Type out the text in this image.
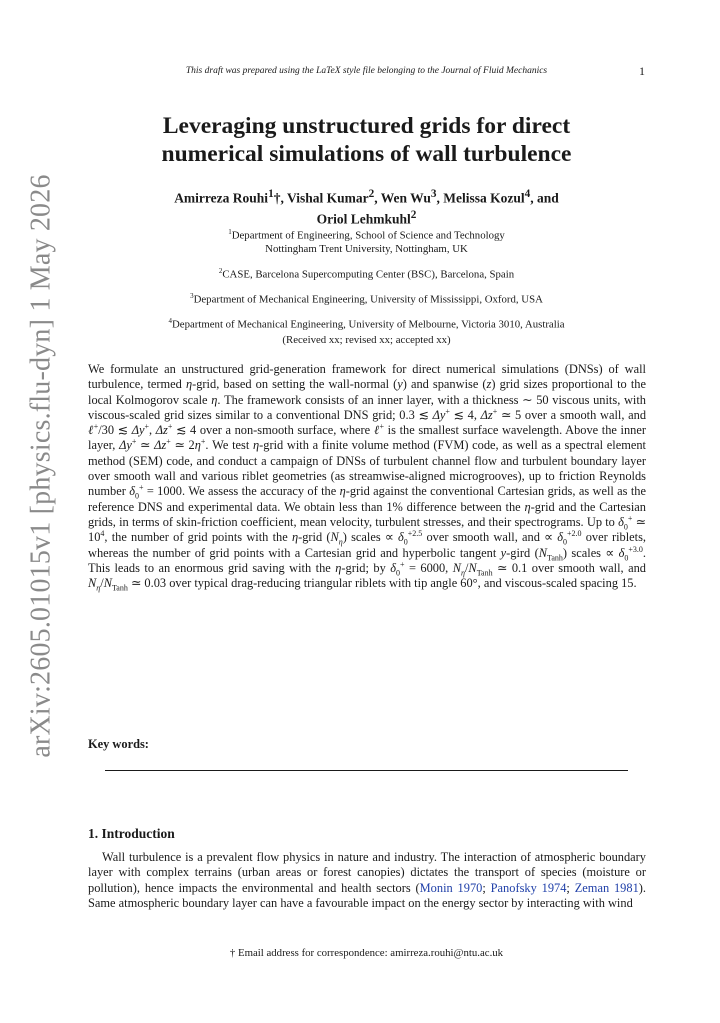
arXiv:2605.01015v1 [physics.flu-dyn] 1 May 2026
This draft was prepared using the LaTeX style file belonging to the Journal of Fluid Mechanics	1
Leveraging unstructured grids for direct
numerical simulations of wall turbulence
Amirreza Rouhi$^1$†, Vishal Kumar$^2$, Wen Wu$^3$, Melissa Kozul$^4$, and
Oriol Lehmkuhl$^2$
$^1$Department of Engineering, School of Science and Technology
Nottingham Trent University, Nottingham, UK
$^2$CASE, Barcelona Supercomputing Center (BSC), Barcelona, Spain
$^3$Department of Mechanical Engineering, University of Mississippi, Oxford, USA
$^4$Department of Mechanical Engineering, University of Melbourne, Victoria 3010, Australia
(Received xx; revised xx; accepted xx)

We formulate an unstructured grid-generation framework for direct numerical simulations (DNSs) of wall turbulence, termed η-grid, based on setting the wall-normal (y) and spanwise (z) grid sizes proportional to the local Kolmogorov scale η. The framework consists of an inner layer, with a thickness ∼ 50 viscous units, with viscous-scaled grid sizes similar to a conventional DNS grid; 0.3 ≲ Δy+ ≲ 4, Δz+ ≃ 5 over a smooth wall, and ℓ+/30 ≲ Δy+, Δz+ ≲ 4 over a non-smooth surface, where ℓ+ is the smallest surface wavelength. Above the inner layer, Δy+ ≃ Δz+ ≃ 2η+. We test η-grid with a finite volume method (FVM) code, as well as a spectral element method (SEM) code, and conduct a campaign of DNSs of turbulent channel flow and turbulent boundary layer over smooth wall and various riblet geometries (as streamwise-aligned microgrooves), up to friction Reynolds number $\delta_0^+ = 1000$. We assess the accuracy of the η-grid against the conventional Cartesian grids, as well as the reference DNS and experimental data. We obtain less than 1% difference between the η-grid and the Cartesian grids, in terms of skin-friction coefficient, mean velocity, turbulent stresses, and their spectrograms. Up to $\delta_0^+$ ≃ $10^4$, the number of grid points with the η-grid $(N_\eta)$ scales ∝ $\delta_0^{+2.5}$ over smooth wall, and ∝ $\delta_0^{+2.0}$ over riblets, whereas the number of grid points with a Cartesian grid and hyperbolic tangent y-gird $(N_{Tanh})$ scales ∝ $\delta_0^{+3.0}$. This leads to an enormous grid saving with the η-grid; by $\delta_0^+ = 6000$, $N_\eta/N_{Tanh}$ ≃ 0.1 over smooth wall, and $N_\eta/N_{Tanh}$ ≃ 0.03 over typical drag-reducing triangular riblets with tip angle 60°, and viscous-scaled spacing 15.

Key words:
1. Introduction

Wall turbulence is a prevalent flow physics in nature and industry. The interaction of atmospheric boundary layer with complex terrains (urban areas or forest canopies) dictates the transport of species (moisture or pollution), hence impacts the environmental and health sectors (Monin 1970; Panofsky 1974; Zeman 1981). Same atmospheric boundary layer can have a favourable impact on the energy sector by interacting with wind

† Email address for correspondence: amirreza.rouhi@ntu.ac.uk
